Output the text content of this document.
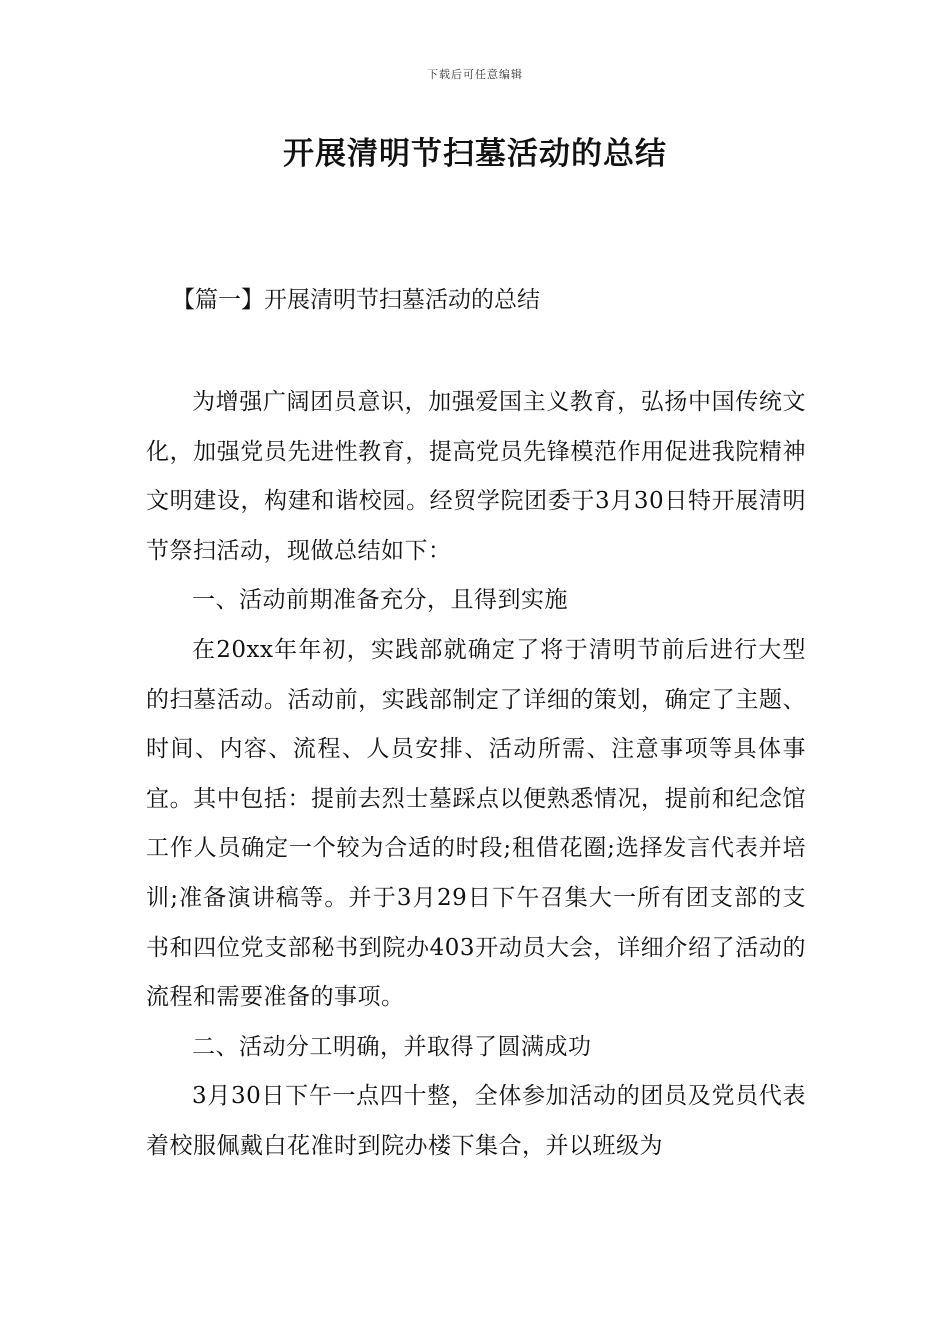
下载后可任意编辑
开展清明节扫墓活动的总结
【篇一】开展清明节扫墓活动的总结

为增强广阔团员意识，加强爱国主义教育，弘扬中国传统文化，加强党员先进性教育，提高党员先锋模范作用促进我院精神文明建设，构建和谐校园。经贸学院团委于3月30日特开展清明节祭扫活动，现做总结如下：

一、活动前期准备充分，且得到实施

在20xx年年初，实践部就确定了将于清明节前后进行大型的扫墓活动。活动前，实践部制定了详细的策划，确定了主题、时间、内容、流程、人员安排、活动所需、注意事项等具体事宜。其中包括：提前去烈士墓踩点以便熟悉情况，提前和纪念馆工作人员确定一个较为合适的时段;租借花圈;选择发言代表并培训;准备演讲稿等。并于3月29日下午召集大一所有团支部的支书和四位党支部秘书到院办403开动员大会，详细介绍了活动的流程和需要准备的事项。

二、活动分工明确，并取得了圆满成功

3月30日下午一点四十整，全体参加活动的团员及党员代表着校服佩戴白花准时到院办楼下集合，并以班级为
